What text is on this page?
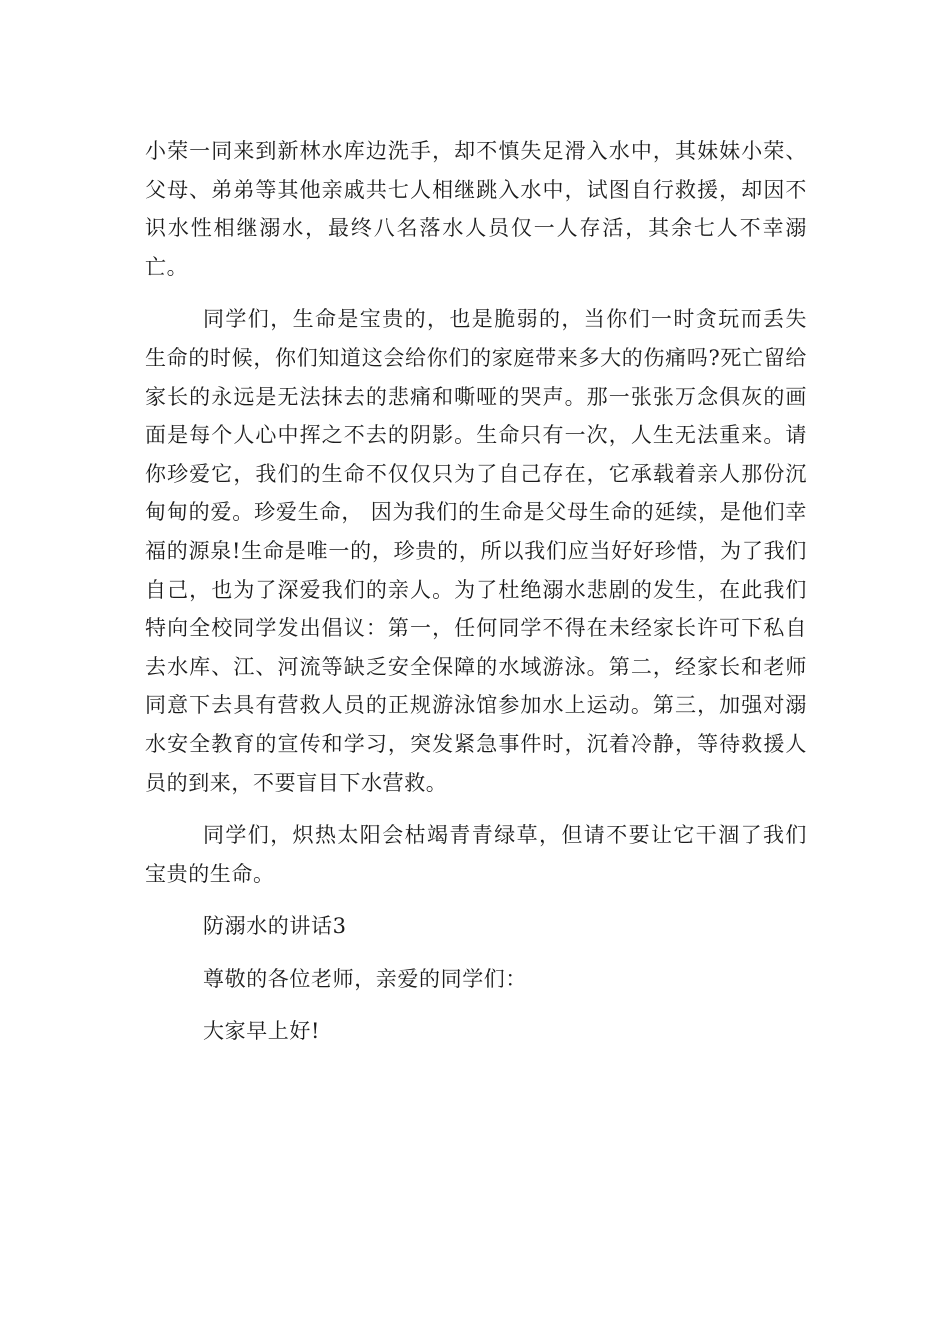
小荣一同来到新林水库边洗手，却不慎失足滑入水中，其妹妹小荣、父母、弟弟等其他亲戚共七人相继跳入水中，试图自行救援，却因不识水性相继溺水，最终八名落水人员仅一人存活，其余七人不幸溺亡。

同学们，生命是宝贵的，也是脆弱的，当你们一时贪玩而丢失生命的时候，你们知道这会给你们的家庭带来多大的伤痛吗?死亡留给家长的永远是无法抹去的悲痛和嘶哑的哭声。那一张张万念俱灰的画面是每个人心中挥之不去的阴影。生命只有一次，人生无法重来。请你珍爱它，我们的生命不仅仅只为了自己存在，它承载着亲人那份沉甸甸的爱。珍爱生命， 因为我们的生命是父母生命的延续，是他们幸福的源泉!生命是唯一的，珍贵的，所以我们应当好好珍惜，为了我们自己，也为了深爱我们的亲人。为了杜绝溺水悲剧的发生，在此我们特向全校同学发出倡议：第一，任何同学不得在未经家长许可下私自去水库、江、河流等缺乏安全保障的水域游泳。第二，经家长和老师同意下去具有营救人员的正规游泳馆参加水上运动。第三，加强对溺水安全教育的宣传和学习，突发紧急事件时，沉着冷静，等待救援人员的到来，不要盲目下水营救。

同学们，炽热太阳会枯竭青青绿草，但请不要让它干涸了我们宝贵的生命。

防溺水的讲话3

尊敬的各位老师，亲爱的同学们：

大家早上好!
